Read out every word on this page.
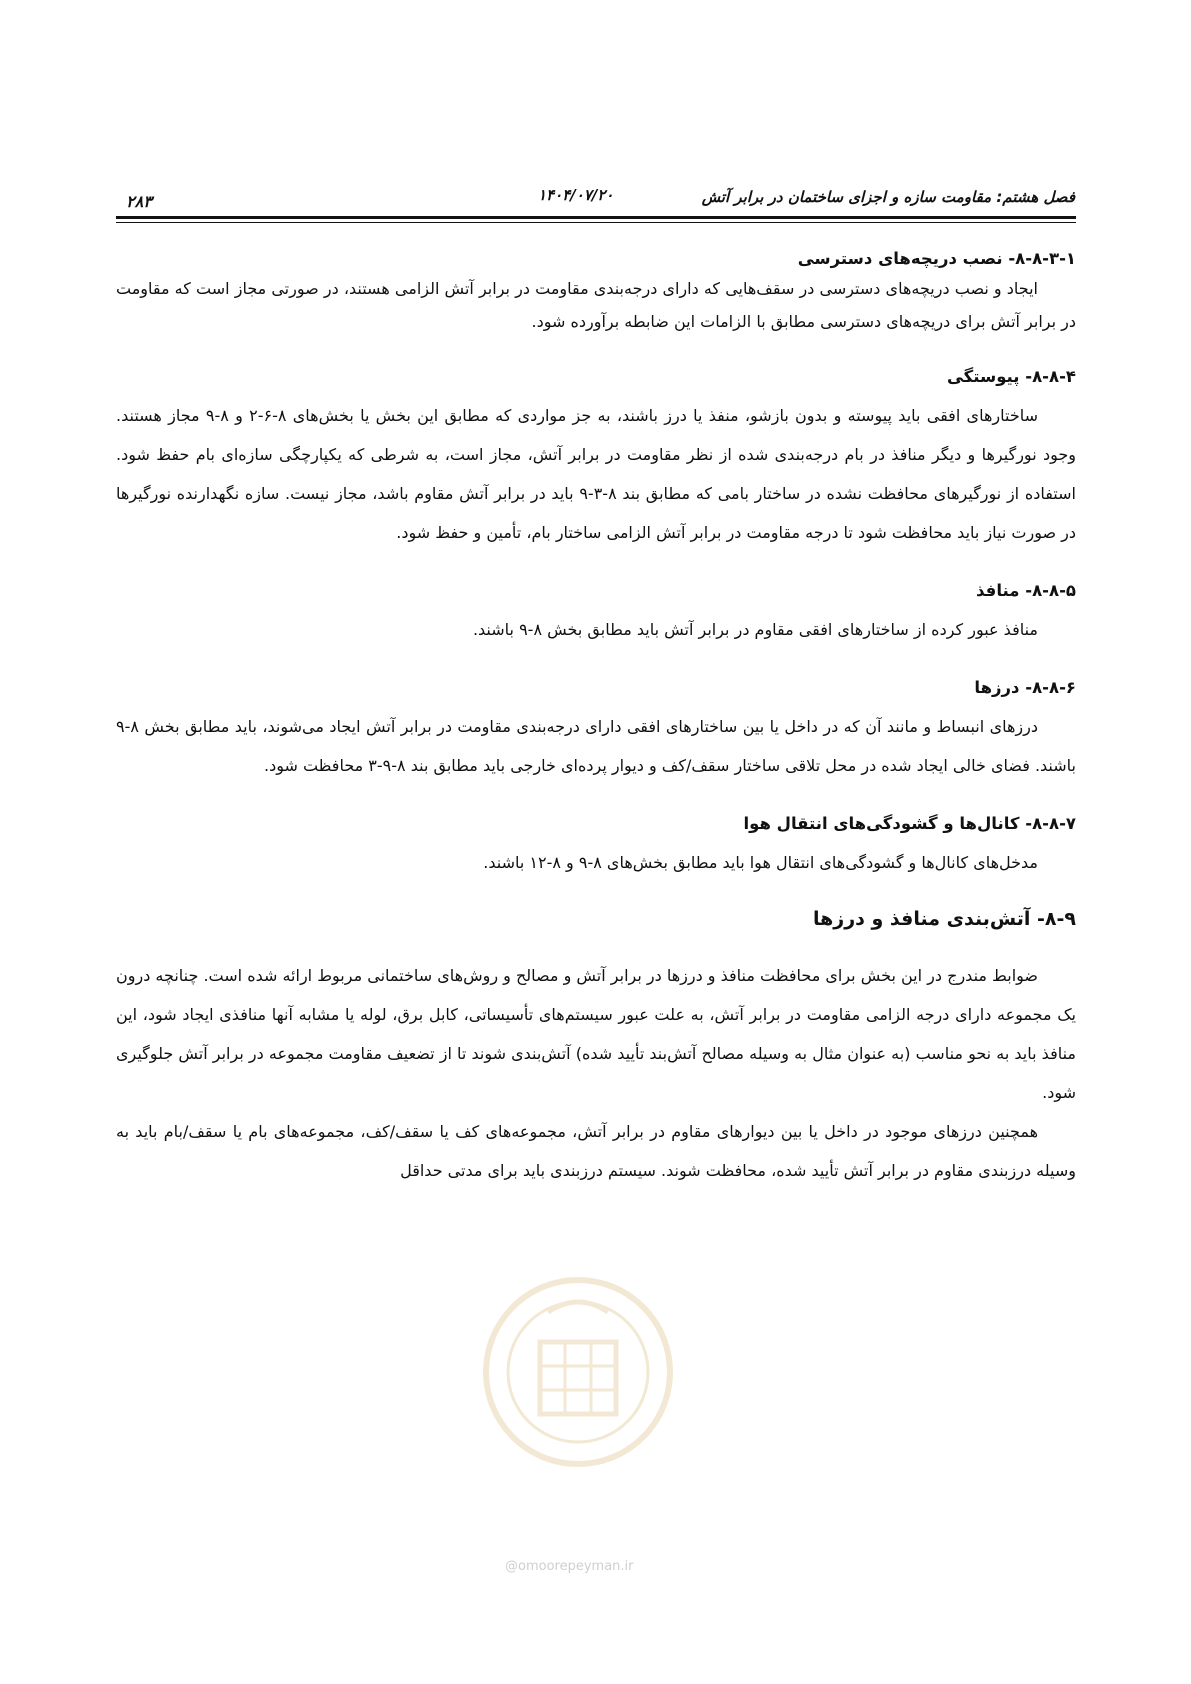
فصل هشتم: مقاومت سازه و اجزای ساختمان در برابر آتش
۱۴۰۴/۰۷/۲۰
۲۸۳
۸-۸-۳-۱- نصب دریچه‌های دسترسی

ایجاد و نصب دریچه‌های دسترسی در سقف‌هایی که دارای درجه‌بندی مقاومت در برابر آتش الزامی هستند، در صورتی مجاز است که مقاومت در برابر آتش برای دریچه‌های دسترسی مطابق با الزامات این ضابطه برآورده شود.

۸-۸-۴- پیوستگی

ساختارهای افقی باید پیوسته و بدون بازشو، منفذ یا درز باشند، به جز مواردی که مطابق این بخش یا بخش‌های ۸-۶-۲ و ۸-۹ مجاز هستند. وجود نورگیرها و دیگر منافذ در بام درجه‌بندی شده از نظر مقاومت در برابر آتش، مجاز است، به شرطی که یکپارچگی سازه‌ای بام حفظ شود. استفاده از نورگیرهای محافظت نشده در ساختار بامی که مطابق بند ۸-۳-۹ باید در برابر آتش مقاوم باشد، مجاز نیست. سازه نگهدارنده نورگیرها در صورت نیاز باید محافظت شود تا درجه مقاومت در برابر آتش الزامی ساختار بام، تأمین و حفظ شود.

۸-۸-۵- منافذ

منافذ عبور کرده از ساختارهای افقی مقاوم در برابر آتش باید مطابق بخش ۸-۹ باشند.

۸-۸-۶- درزها

درزهای انبساط و مانند آن که در داخل یا بین ساختارهای افقی دارای درجه‌بندی مقاومت در برابر آتش ایجاد می‌شوند، باید مطابق بخش ۸-۹ باشند. فضای خالی ایجاد شده در محل تلاقی ساختار سقف/کف و دیوار پرده‌ای خارجی باید مطابق بند ۸-۹-۳ محافظت شود.

۸-۸-۷- کانال‌ها و گشودگی‌های انتقال هوا

مدخل‌های کانال‌ها و گشودگی‌های انتقال هوا باید مطابق بخش‌های ۸-۹ و ۸-۱۲ باشند.

۸-۹- آتش‌بندی منافذ و درزها

ضوابط مندرج در این بخش برای محافظت منافذ و درزها در برابر آتش و مصالح و روش‌های ساختمانی مربوط ارائه شده است. چنانچه درون یک مجموعه دارای درجه الزامی مقاومت در برابر آتش، به علت عبور سیستم‌های تأسیساتی، کابل برق، لوله یا مشابه آنها منافذی ایجاد شود، این منافذ باید به نحو مناسب (به عنوان مثال به وسیله مصالح آتش‌بند تأیید شده) آتش‌بندی شوند تا از تضعیف مقاومت مجموعه در برابر آتش جلوگیری شود.

همچنین درزهای موجود در داخل یا بین دیوارهای مقاوم در برابر آتش، مجموعه‌های کف یا سقف/کف، مجموعه‌های بام یا سقف/بام باید به وسیله درزبندی مقاوم در برابر آتش تأیید شده، محافظت شوند. سیستم درزبندی باید برای مدتی حداقل

@omoorepeyman.ir
